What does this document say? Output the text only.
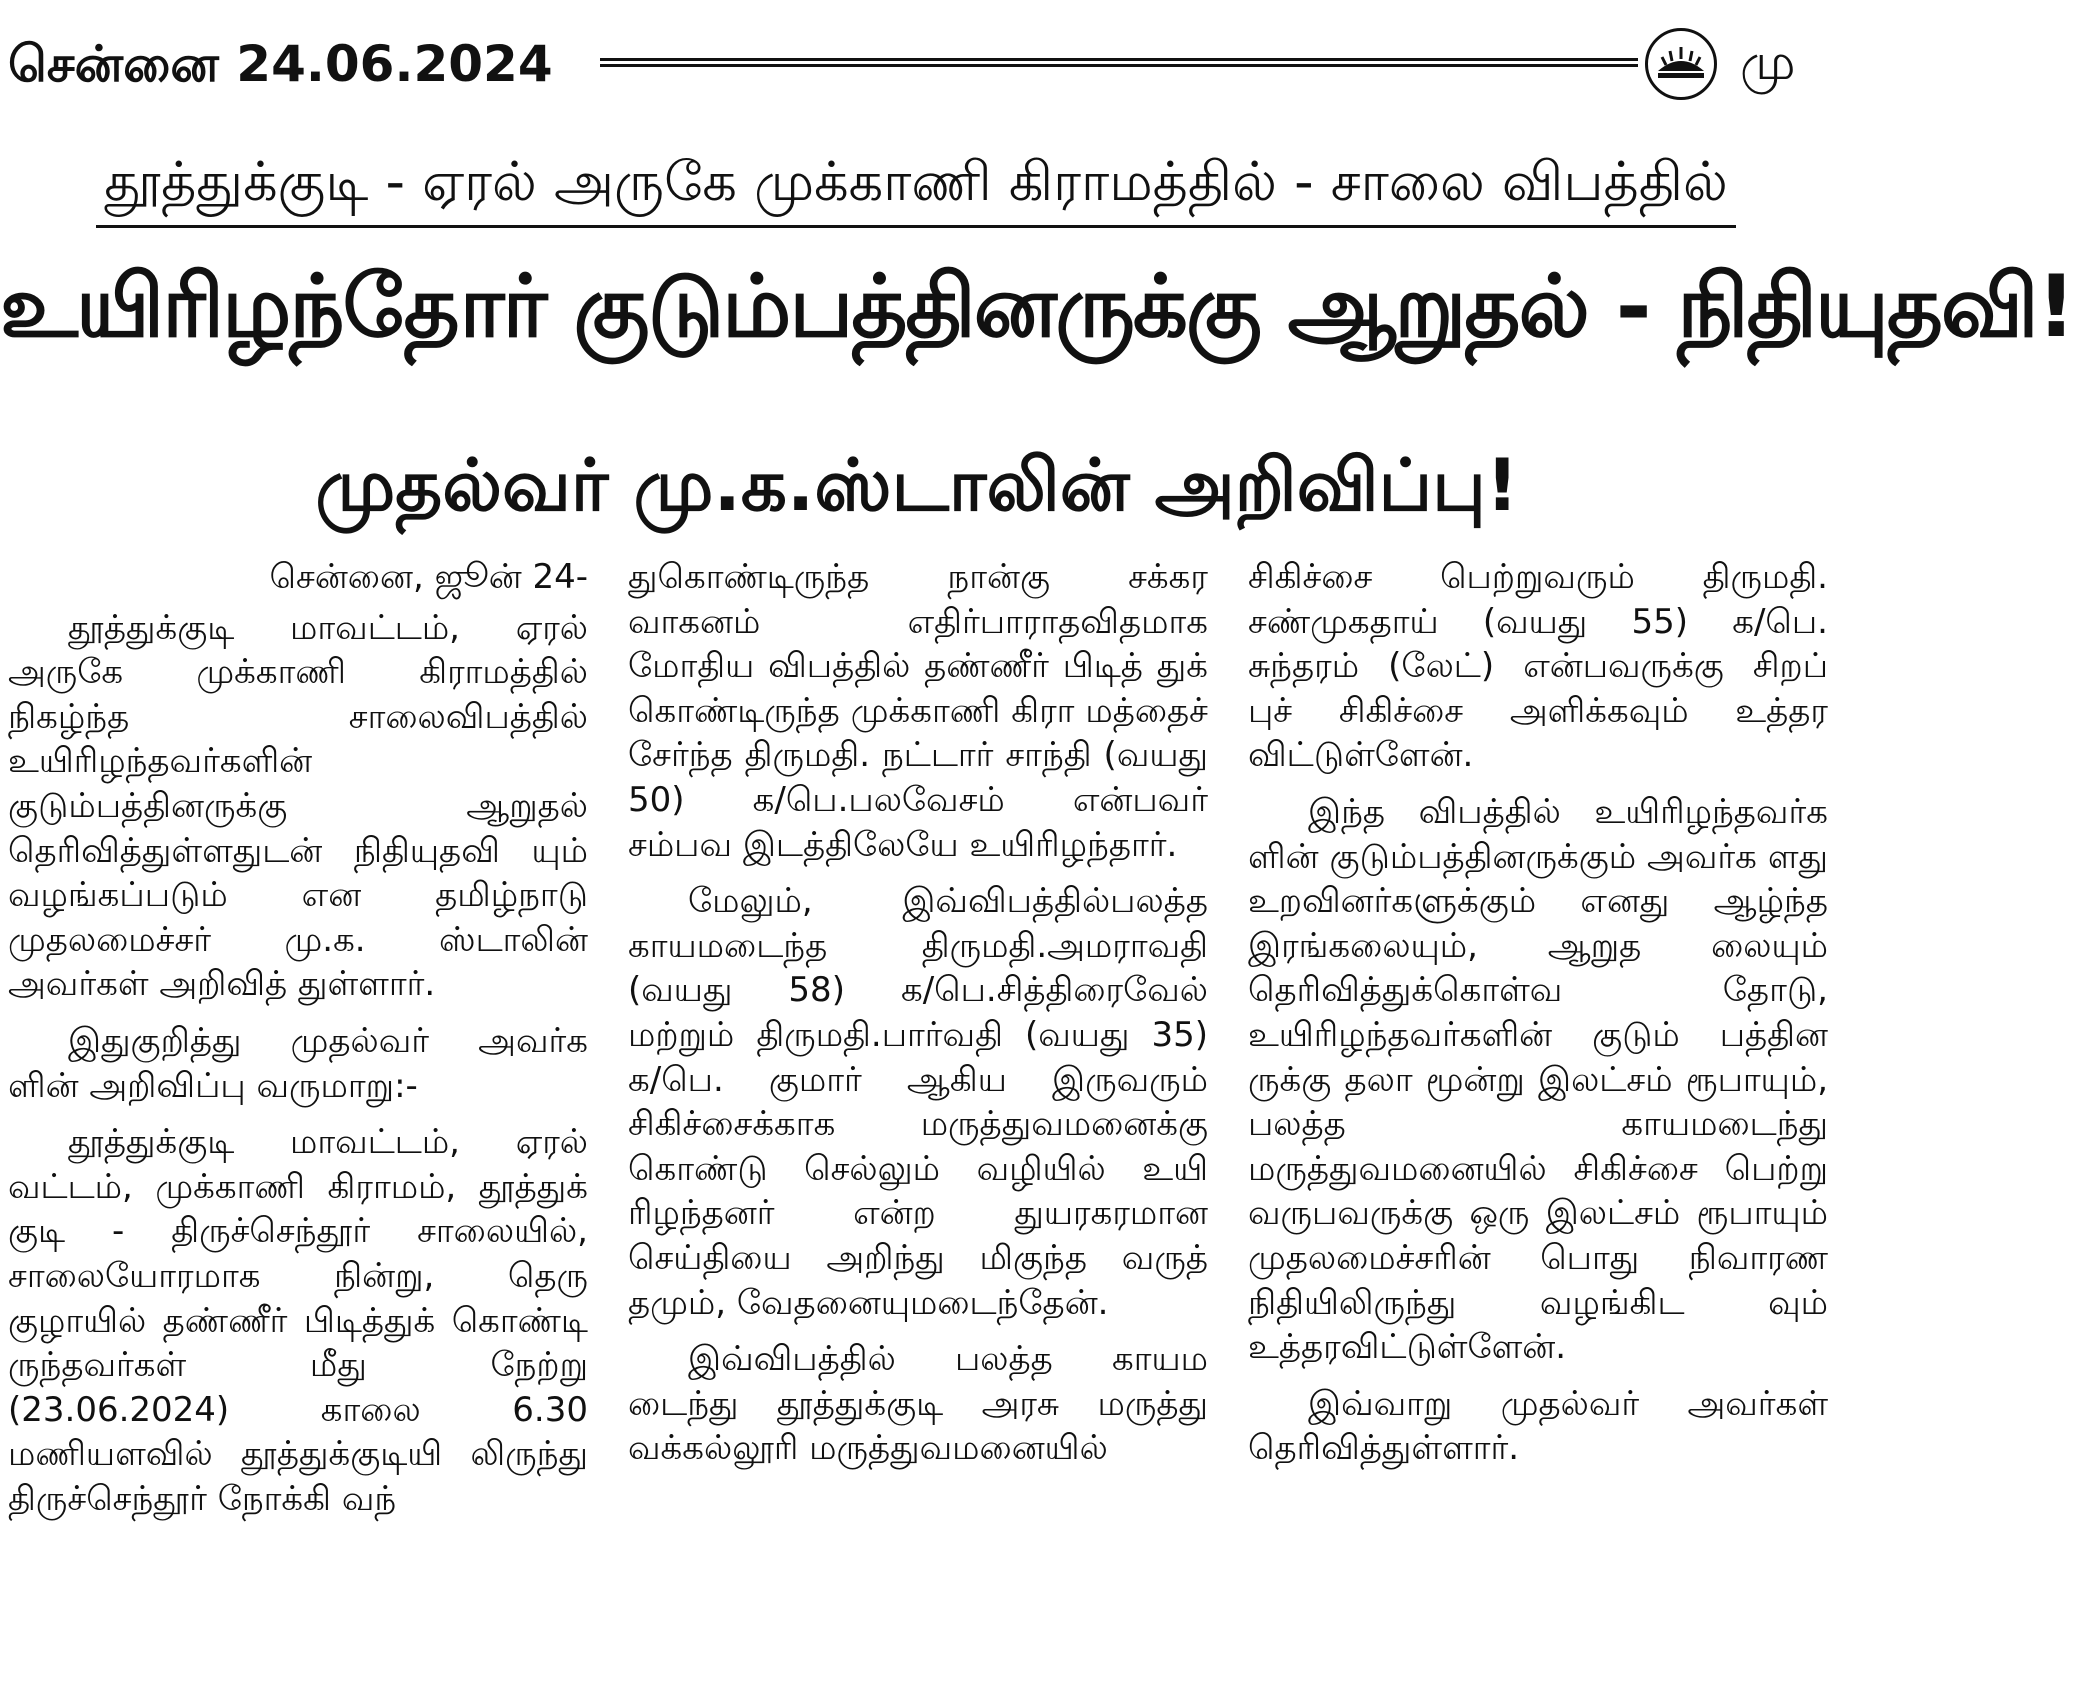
சென்னை 24.06.2024	மு
தூத்துக்குடி - ஏரல் அருகே முக்காணி கிராமத்தில் - சாலை விபத்தில்
உயிரிழந்தோர் குடும்பத்தினருக்கு ஆறுதல் - நிதியுதவி!
முதல்வர் மு.க.ஸ்டாலின் அறிவிப்பு!

சென்னை, ஜூன் 24-

தூத்துக்குடி மாவட்டம், ஏரல் அருகே முக்காணி கிராமத்தில் நிகழ்ந்த சாலைவிபத்தில் உயிரிழந்தவர்களின் குடும்பத்தினருக்கு ஆறுதல் தெரிவித்துள்ளதுடன் நிதியுதவி யும் வழங்கப்படும் என தமிழ்நாடு முதலமைச்சர் மு.க. ஸ்டாலின் அவர்கள் அறிவித் துள்ளார்.

இதுகுறித்து முதல்வர் அவர்க ளின் அறிவிப்பு வருமாறு:-

தூத்துக்குடி மாவட்டம், ஏரல் வட்டம், முக்காணி கிராமம், தூத்துக் குடி - திருச்செந்தூர் சாலையில், சாலையோரமாக நின்று, தெரு குழாயில் தண்ணீர் பிடித்துக் கொண்டி ருந்தவர்கள் மீது நேற்று (23.06.2024) காலை 6.30 மணியளவில் தூத்துக்குடியி லிருந்து திருச்செந்தூர் நோக்கி வந்

துகொண்டிருந்த நான்கு சக்கர வாகனம் எதிர்பாராதவிதமாக மோதிய விபத்தில் தண்ணீர் பிடித் துக் கொண்டிருந்த முக்காணி கிரா மத்தைச் சேர்ந்த திருமதி. நட்டார் சாந்தி (வயது 50) க/பெ.பலவேசம் என்பவர் சம்பவ இடத்திலேயே உயிரிழந்தார்.

மேலும், இவ்விபத்தில்பலத்த காயமடைந்த திருமதி.அமராவதி (வயது 58) க/பெ.சித்திரைவேல் மற்றும் திருமதி.பார்வதி (வயது 35) க/பெ. குமார் ஆகிய இருவரும் சிகிச்சைக்காக மருத்துவமனைக்கு கொண்டு செல்லும் வழியில் உயி ரிழந்தனர் என்ற துயரகரமான செய்தியை அறிந்து மிகுந்த வருத் தமும், வேதனையுமடைந்தேன்.

இவ்விபத்தில் பலத்த காயம டைந்து தூத்துக்குடி அரசு மருத்து வக்கல்லூரி மருத்துவமனையில்

சிகிச்சை பெற்றுவரும் திருமதி. சண்முகதாய் (வயது 55) க/பெ. சுந்தரம் (லேட்) என்பவருக்கு சிறப் புச் சிகிச்சை அளிக்கவும் உத்தர விட்டுள்ளேன்.

இந்த விபத்தில் உயிரிழந்தவர்க ளின் குடும்பத்தினருக்கும் அவர்க ளது உறவினர்களுக்கும் எனது ஆழ்ந்த இரங்கலையும், ஆறுத லையும் தெரிவித்துக்கொள்வ தோடு, உயிரிழந்தவர்களின் குடும் பத்தின ருக்கு தலா மூன்று இலட்சம் ரூபாயும், பலத்த காயமடைந்து மருத்துவமனையில் சிகிச்சை பெற்று வருபவருக்கு ஒரு இலட்சம் ரூபாயும் முதலமைச்சரின் பொது நிவாரண நிதியிலிருந்து வழங்கிட வும் உத்தரவிட்டுள்ளேன்.

இவ்வாறு முதல்வர் அவர்கள் தெரிவித்துள்ளார்.
